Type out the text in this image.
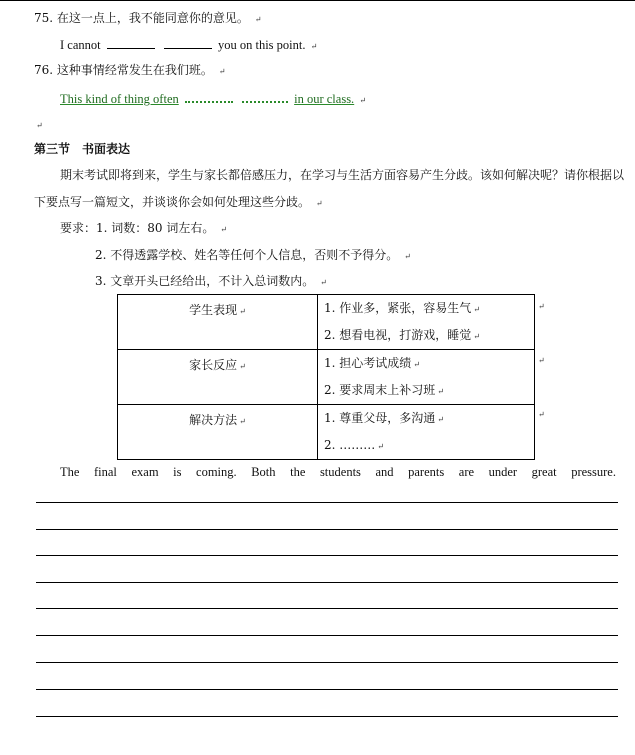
75. 在这一点上，我不能同意你的意见。 ↵
I cannot	you on this point. ↵
76. 这种事情经常发生在我们班。 ↵
This kind of thing often	in our class. ↵
↵
第三节　书面表达
期末考试即将到来，学生与家长都倍感压力，在学习与生活方面容易产生分歧。该如何解决呢？请你根据以
下要点写一篇短文，并谈谈你会如何处理这些分歧。 ↵
要求：1. 词数：80 词左右。 ↵
2. 不得透露学校、姓名等任何个人信息，否则不予得分。 ↵
3. 文章开头已经给出，不计入总词数内。 ↵
学生表现 ↵	1. 作业多，紧张，容易生气 ↵
2. 想看电视，打游戏，睡觉 ↵

家长反应 ↵	1. 担心考试成绩 ↵
2. 要求周末上补习班 ↵

解决方法 ↵	1. 尊重父母，多沟通 ↵
2. ……… ↵
↵
↵
↵
The final exam is coming. Both the students and parents are under great pressure.
